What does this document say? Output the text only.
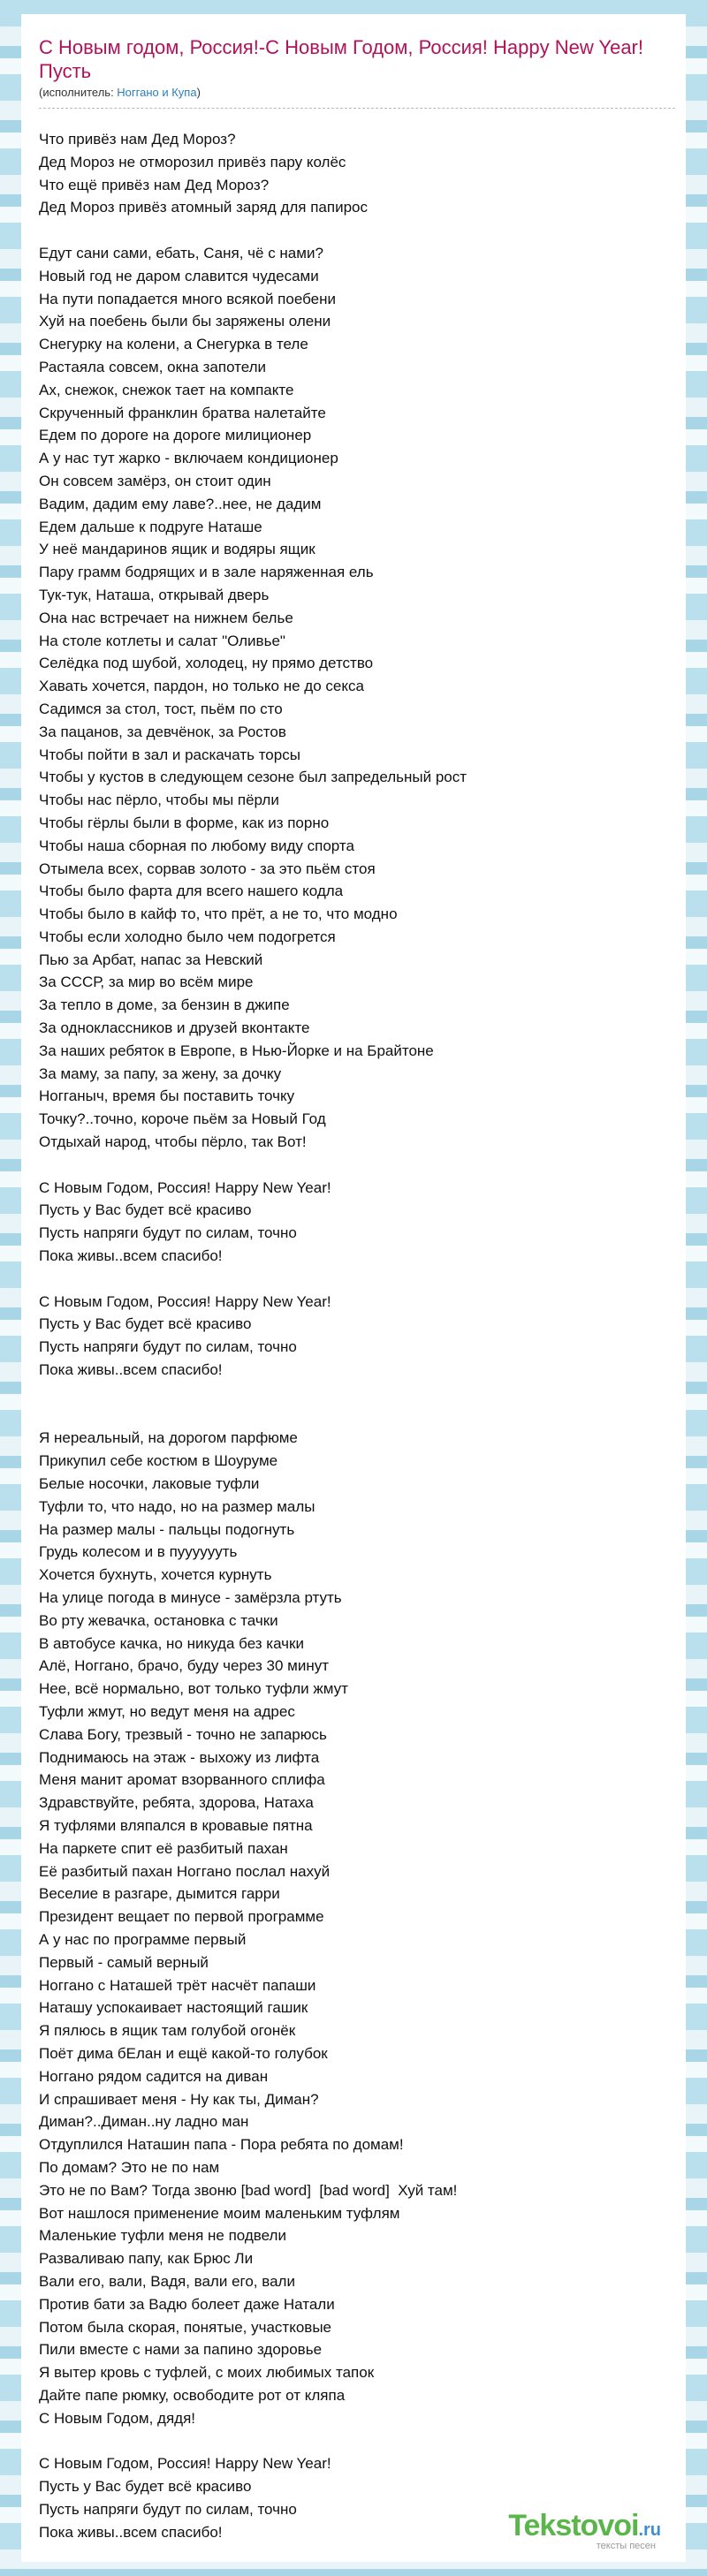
С Новым годом, Россия!-С Новым Годом, Россия! Happy New Year! Пусть
(исполнитель: Ноггано и Купа)
Что привёз нам Дед Мороз?
Дед Мороз не отморозил привёз пару колёс
Что ещё привёз нам Дед Мороз?
Дед Мороз привёз атомный заряд для папирос
Едут сани сами, ебать, Саня, чё с нами?
Новый год не даром славится чудесами
На пути попадается много всякой поебени
Хуй на поебень были бы заряжены олени
Снегурку на колени, а Снегурка в теле
Растаяла совсем, окна запотели
Ах, снежок, снежок тает на компакте
Скрученный франклин братва налетайте
Едем по дороге на дороге милиционер
А у нас тут жарко - включаем кондиционер
Он совсем замёрз, он стоит один
Вадим, дадим ему лаве?..нее, не дадим
Едем дальше к подруге Наташе
У неё мандаринов ящик и водяры ящик
Пару грамм бодрящих и в зале наряженная ель
Тук-тук, Наташа, открывай дверь
Она нас встречает на нижнем белье
На столе котлеты и салат "Оливье"
Селёдка под шубой, холодец, ну прямо детство
Хавать хочется, пардон, но только не до секса
Садимся за стол, тост, пьём по сто
За пацанов, за девчёнок, за Ростов
Чтобы пойти в зал и раскачать торсы
Чтобы у кустов в следующем сезоне был запредельный рост
Чтобы нас пёрло, чтобы мы пёрли
Чтобы гёрлы были в форме, как из порно
Чтобы наша сборная по любому виду спорта
Отымела всех, сорвав золото - за это пьём стоя
Чтобы было фарта для всего нашего кодла
Чтобы было в кайф то, что прёт, а не то, что модно
Чтобы если холодно было чем подогрется
Пью за Арбат, напас за Невский
За СССР, за мир во всём мире
За тепло в доме, за бензин в джипе
За одноклассников и друзей вконтакте
За наших ребяток в Европе, в Нью-Йорке и на Брайтоне
За маму, за папу, за жену, за дочку
Ногганыч, время бы поставить точку
Точку?..точно, короче пьём за Новый Год
Отдыхай народ, чтобы пёрло, так Вот!
С Новым Годом, Россия! Happy New Year!
Пусть у Вас будет всё красиво
Пусть напряги будут по силам, точно
Пока живы..всем спасибо!
С Новым Годом, Россия! Happy New Year!
Пусть у Вас будет всё красиво
Пусть напряги будут по силам, точно
Пока живы..всем спасибо!
Я нереальный, на дорогом парфюме
Прикупил себе костюм в Шоуруме
Белые носочки, лаковые туфли
Туфли то, что надо, но на размер малы
На размер малы - пальцы подогнуть
Грудь колесом и в пууууууть
Хочется бухнуть, хочется курнуть
На улице погода в минусе - замёрзла ртуть
Во рту жевачка, остановка с тачки
В автобусе качка, но никуда без качки
Алё, Ноггано, брачо, буду через 30 минут
Нее, всё нормально, вот только туфли жмут
Туфли жмут, но ведут меня на адрес
Слава Богу, трезвый - точно не запарюсь
Поднимаюсь на этаж - выхожу из лифта
Меня манит аромат взорванного сплифа
Здравствуйте, ребята, здорова, Натаха
Я туфлями вляпался в кровавые пятна
На паркете спит её разбитый пахан
Её разбитый пахан Ноггано послал нахуй
Веселие в разгаре, дымится гарри
Президент вещает по первой программе
А у нас по программе первый
Первый - самый верный
Ноггано с Наташей трёт насчёт папаши
Наташу успокаивает настоящий гашик
Я пялюсь в ящик там голубой огонёк
Поёт дима бЕлан и ещё какой-то голубок
Ноггано рядом садится на диван
И спрашивает меня - Ну как ты, Диман?
Диман?..Диман..ну ладно ман
Отдуплился Наташин папа - Пора ребята по домам!
По домам? Это не по нам
Это не по Вам? Тогда звоню [bad word]  [bad word]  Хуй там!
Вот нашлося применение моим маленьким туфлям
Маленькие туфли меня не подвели
Разваливаю папу, как Брюс Ли
Вали его, вали, Вадя, вали его, вали
Против бати за Вадю болеет даже Натали
Потом была скорая, понятые, участковые
Пили вместе с нами за папино здоровье
Я вытер кровь с туфлей, с моих любимых тапок
Дайте папе рюмку, освободите рот от кляпа
С Новым Годом, дядя!
С Новым Годом, Россия! Happy New Year!
Пусть у Вас будет всё красиво
Пусть напряги будут по силам, точно
Пока живы..всем спасибо!	Tekstovoi.ru
тексты песен
